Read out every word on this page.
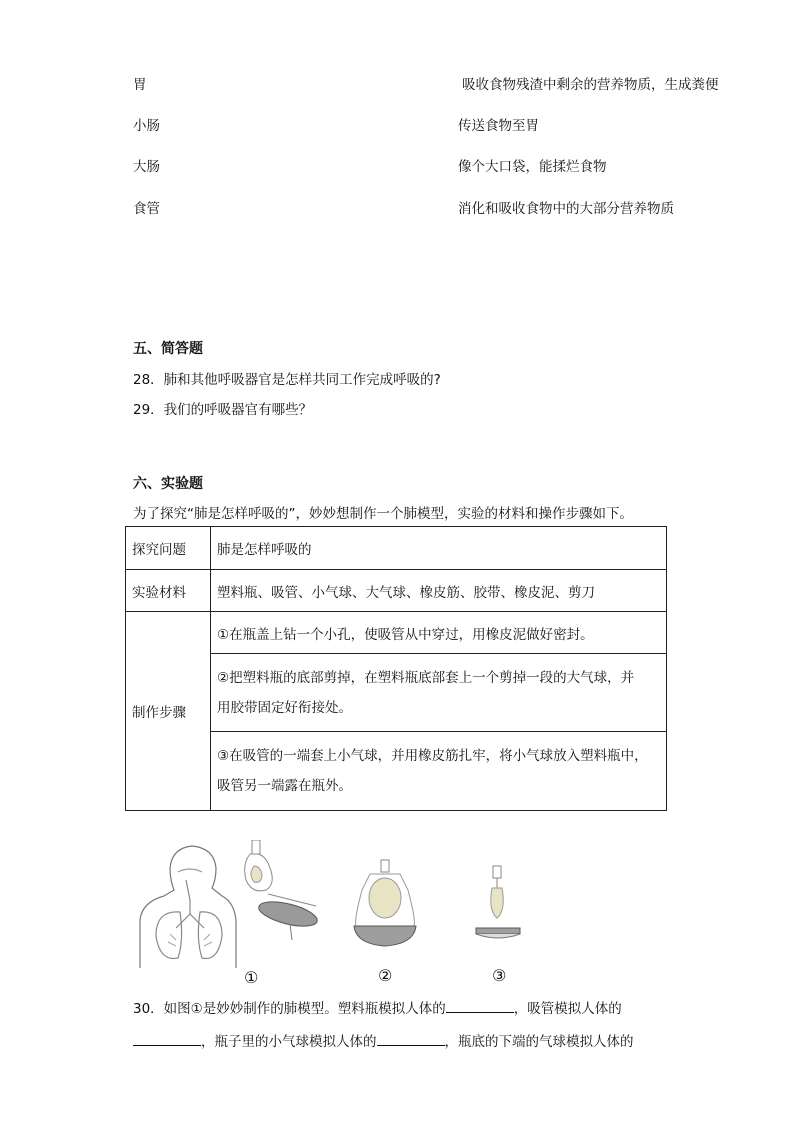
胃	吸收食物残渣中剩余的营养物质，生成粪便
小肠	传送食物至胃
大肠	像个大口袋，能揉烂食物
食管	消化和吸收食物中的大部分营养物质
五、简答题
28．肺和其他呼吸器官是怎样共同工作完成呼吸的?
29．我们的呼吸器官有哪些？
六、实验题
为了探究“肺是怎样呼吸的”，妙妙想制作一个肺模型，实验的材料和操作步骤如下。
探究问题	肺是怎样呼吸的
实验材料	塑料瓶、吸管、小气球、大气球、橡皮筋、胶带、橡皮泥、剪刀
制作步骤	①在瓶盖上钻一个小孔，使吸管从中穿过，用橡皮泥做好密封。

	②把塑料瓶的底部剪掉，在塑料瓶底部套上一个剪掉一段的大气球，并
用胶带固定好衔接处。

	③在吸管的一端套上小气球，并用橡皮筋扎牢，将小气球放入塑料瓶中，
吸管另一端露在瓶外。
①	②	③
30．如图①是妙妙制作的肺模型。塑料瓶模拟人体的	，吸管模拟人体的
，瓶子里的小气球模拟人体的	，瓶底的下端的气球模拟人体的
